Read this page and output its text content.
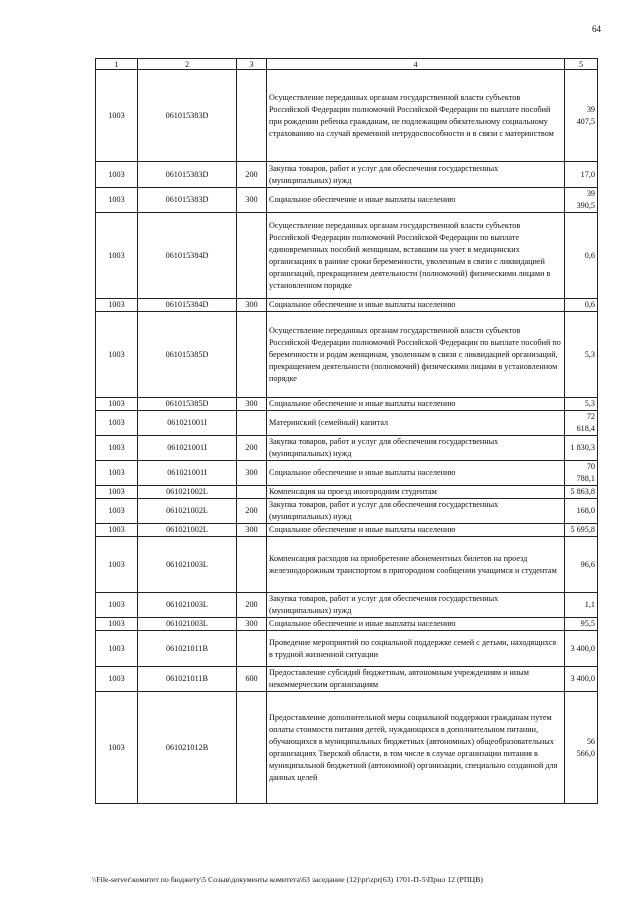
64
1	2	3	4	5
1003	061015383D		Осуществление переданных органам государственной власти субъектов Российской Федерации полномочий Российской Федерации по выплате пособий при рождении ребенка гражданам, не подлежащим обязательному социальному страхованию на случай временной нетрудоспособности и в связи с материнством	39 407,5
1003	061015383D	200	Закупка товаров, работ и услуг для обеспечения государственных (муниципальных) нужд	17,0
1003	061015383D	300	Социальное обеспечение и иные выплаты населению	39 390,5
1003	061015384D		Осуществление переданных органам государственной власти субъектов Российской Федерации полномочий Российской Федерации по выплате единовременных пособий женщинам, вставшим на учет в медицинских организациях в ранние сроки беременности, уволенным в связи с ликвидацией организаций, прекращением деятельности (полномочий) физическими лицами в установленном порядке	0,6
1003	061015384D	300	Социальное обеспечение и иные выплаты населению	0,6
1003	061015385D		Осуществление переданных органам государственной власти субъектов Российской Федерации полномочий Российской Федерации по выплате пособий по беременности и родам женщинам, уволенным в связи с ликвидацией организаций, прекращением деятельности (полномочий) физическими лицами в установленном порядке	5,3
1003	061015385D	300	Социальное обеспечение и иные выплаты населению	5,3
1003	061021001I		Материнский (семейный) капитал	72 618,4
1003	061021001I	200	Закупка товаров, работ и услуг для обеспечения государственных (муниципальных) нужд	1 830,3
1003	061021001I	300	Социальное обеспечение и иные выплаты населению	70 788,1
1003	061021002L		Компенсация на проезд иногородним студентам	5 863,8
1003	061021002L	200	Закупка товаров, работ и услуг для обеспечения государственных (муниципальных) нужд	168,0
1003	061021002L	300	Социальное обеспечение и иные выплаты населению	5 695,8
1003	061021003L		Компенсация расходов на приобретение абонементных билетов на проезд железнодорожным транспортом в пригородном сообщении учащимся и студентам	96,6
1003	061021003L	200	Закупка товаров, работ и услуг для обеспечения государственных (муниципальных) нужд	1,1
1003	061021003L	300	Социальное обеспечение и иные выплаты населению	95,5
1003	061021011B		Проведение мероприятий по социальной поддержке семей с детьми, находящихся в трудной жизненной ситуации	3 400,0
1003	061021011B	600	Предоставление субсидий бюджетным, автономным учреждениям и иным некоммерческим организациям	3 400,0
1003	061021012B		Предоставление дополнительной меры социальной поддержки гражданам путем оплаты стоимости питания детей, нуждающихся в дополнительном питании, обучающихся в муниципальных бюджетных (автономных) общеобразовательных организациях Тверской области, в том числе в случае организации питания в муниципальной бюджетной (автономной) организации, специально созданной для данных целей	56 566,0
\\File-server\комитет по бюджету\5 Созыв\документы комитета\63 заседание (12)\pr\zpr(63) 1701-П-5\Прил 12 (РПЦВ)
